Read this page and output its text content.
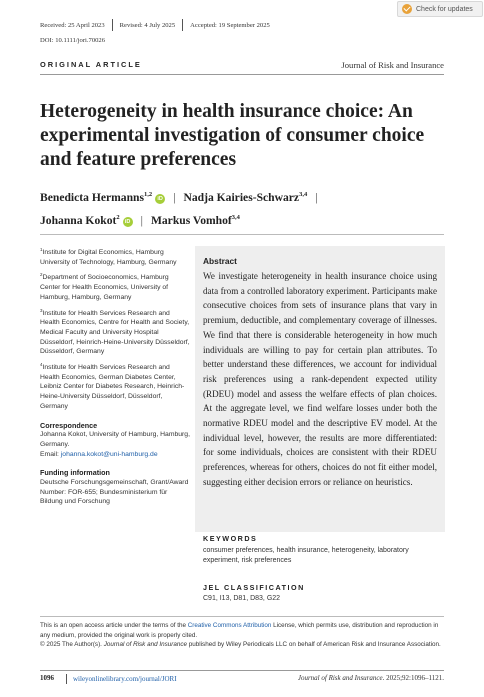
Received: 25 April 2023 Revised: 4 July 2025 Accepted: 19 September 2025
DOI: 10.1111/jori.70026
Check for updates
ORIGINAL ARTICLE	Journal of Risk and Insurance
Heterogeneity in health insurance choice: An experimental investigation of consumer choice and feature preferences
Benedicta Hermanns$^{1,2}$iD | Nadja Kairies-Schwarz$^{3,4}$ |
Johanna Kokot$^2$iD | Markus Vomhof$^{3,4}$
$^1$Institute for Digital Economics, Hamburg University of Technology, Hamburg, Germany
$^2$Department of Socioeconomics, Hamburg Center for Health Economics, University of Hamburg, Hamburg, Germany
$^3$Institute for Health Services Research and Health Economics, Centre for Health and Society, Medical Faculty and University Hospital Düsseldorf, Heinrich-Heine-University Düsseldorf, Düsseldorf, Germany
$^4$Institute for Health Services Research and Health Economics, German Diabetes Center, Leibniz Center for Diabetes Research, Heinrich-Heine-University Düsseldorf, Düsseldorf, Germany
Correspondence
Johanna Kokot, University of Hamburg, Hamburg, Germany.
Email: johanna.kokot@uni-hamburg.de
Funding information
Deutsche Forschungsgemeinschaft, Grant/Award Number: FOR-655; Bundesministerium für Bildung und Forschung
Abstract

We investigate heterogeneity in health insurance choice using data from a controlled laboratory experiment. Participants make consecutive choices from sets of insurance plans that vary in premium, deductible, and complementary coverage of illnesses. We find that there is considerable heterogeneity in how much individuals are willing to pay for certain plan attributes. To better understand these differences, we account for individual risk preferences using a rank-dependent expected utility (RDEU) model and assess the welfare effects of plan choices. At the aggregate level, we find welfare losses under both the normative RDEU model and the descriptive EV model. At the individual level, however, the results are more differentiated: for some individuals, choices are consistent with their RDEU preferences, whereas for others, choices do not fit either model, suggesting either decision errors or reliance on heuristics.

KEYWORDS
consumer preferences, health insurance, heterogeneity, laboratory experiment, risk preferences
JEL CLASSIFICATION
C91, I13, D81, D83, G22
This is an open access article under the terms of the Creative Commons Attribution License, which permits use, distribution and reproduction in any medium, provided the original work is properly cited.
© 2025 The Author(s). Journal of Risk and Insurance published by Wiley Periodicals LLC on behalf of American Risk and Insurance Association.
1096	wileyonlinelibrary.com/journal/JORI	Journal of Risk and Insurance. 2025;92:1096–1121.
